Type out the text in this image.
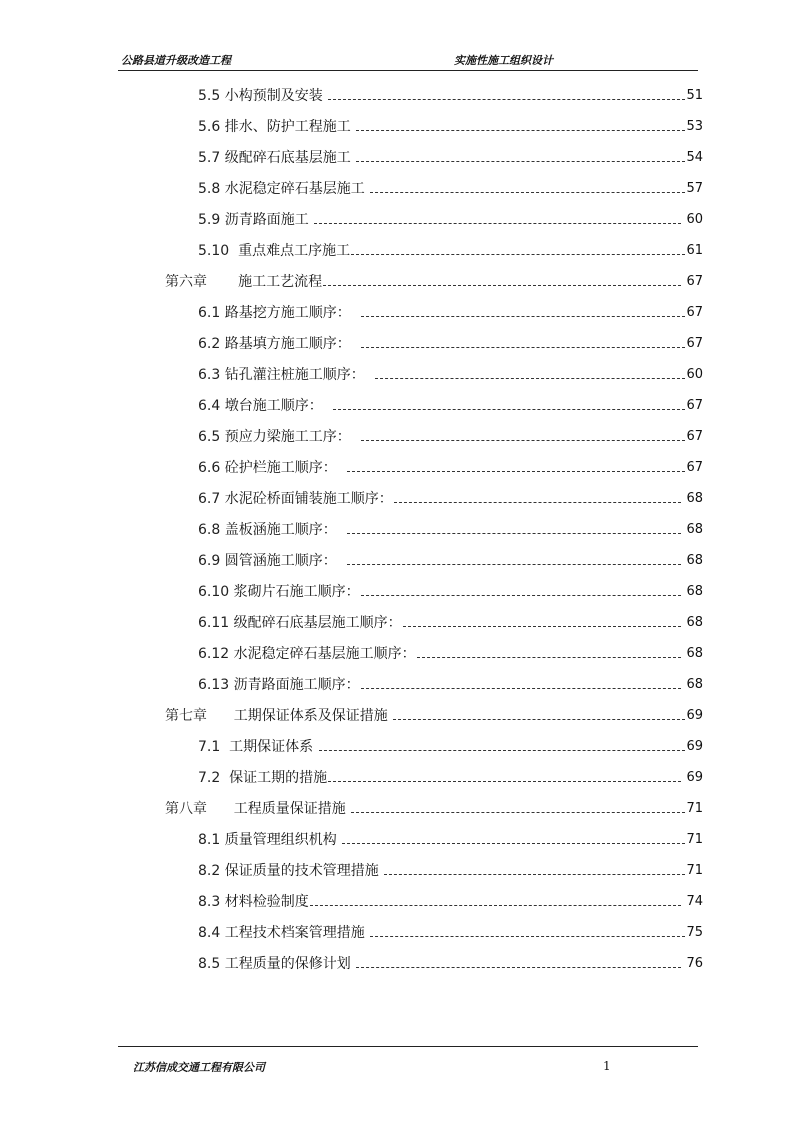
公路县道升级改造工程	实施性施工组织设计
5.5 小构预制及安装	51
5.6 排水、防护工程施工	53
5.7 级配碎石底基层施工	54
5.8 水泥稳定碎石基层施工	57
5.9 沥青路面施工	60
5.10 重点难点工序施工	61
第六章 施工工艺流程	67
6.1 路基挖方施工顺序：	67
6.2 路基填方施工顺序：	67
6.3 钻孔灌注桩施工顺序：	60
6.4 墩台施工顺序：	67
6.5 预应力梁施工工序：	67
6.6 砼护栏施工顺序：	67
6.7 水泥砼桥面铺装施工顺序：	68
6.8 盖板涵施工顺序：	68
6.9 圆管涵施工顺序：	68
6.10 浆砌片石施工顺序：	68
6.11 级配碎石底基层施工顺序：	68
6.12 水泥稳定碎石基层施工顺序：	68
6.13 沥青路面施工顺序：	68
第七章 工期保证体系及保证措施	69
7.1 工期保证体系	69
7.2 保证工期的措施	69
第八章 工程质量保证措施	71
8.1 质量管理组织机构	71
8.2 保证质量的技术管理措施	71
8.3 材料检验制度	74
8.4 工程技术档案管理措施	75
8.5 工程质量的保修计划	76
江苏信成交通工程有限公司	1
